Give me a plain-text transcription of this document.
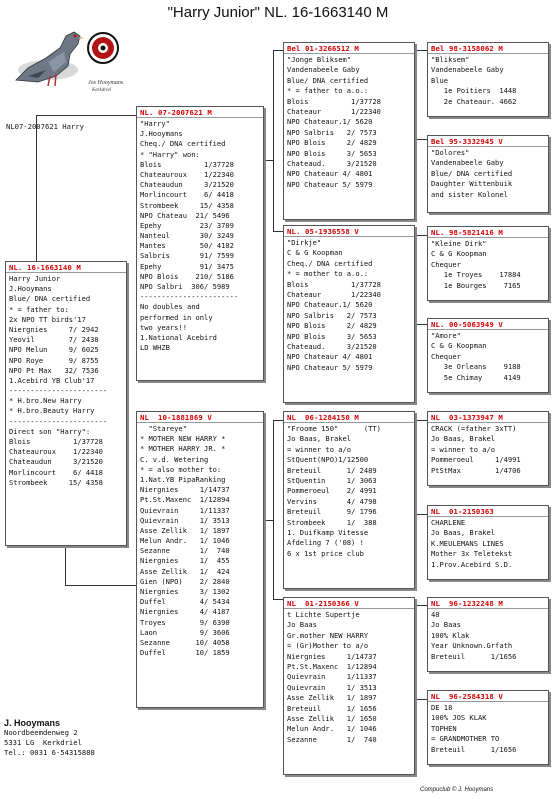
"Harry Junior" NL. 16-1663140 M
Jos Hooymans
Kerkdriel
NL07-2007621 Harry
NL. 16-1663140 M
Harry Junior
J.Hooymans
Blue/ DNA certified
* = father to:
2x NPO TT birds'17
Niergnies     7/ 2942
Yeovil        7/ 2438
NPO Melun     9/ 6025
NPO Roye      9/ 8755
NPO Pt Max   32/ 7536
1.Acebird YB Club'17
-----------------------
* H.bro.New Harry
* H.bro.Beauty Harry
-----------------------
Direct son "Harry":
Blois          1/37728
Chateauroux    1/22340
Chateaudun     3/21520
Morlincourt    6/ 4418
Strombeek     15/ 4358
NL. 07-2007621 M
"Harry"
J.Hooymans
Cheq./ DNA certified
* "Harry" won:
Blois          1/37728
Chateauroux    1/22340
Chateaudun     3/21520
Morlincourt    6/ 4418
Strombeek     15/ 4358
NPO Chateau  21/ 5496
Epehy         23/ 3709
Nanteul       30/ 3249
Mantes        50/ 4182
Salbris       91/ 7599
Epehy         91/ 3475
NPO Blois    210/ 5186
NPO Salbri  306/ 5989
-----------------------
No doubles and
performed in only
two years!!
1.National Acebird
LD WHZB
NL  10-1881869 V
"Stareye"
* MOTHER NEW HARRY *
* MOTHER HARRY JR. *
C. v.d. Wetering
* = also mother to:
1.Nat.YB PipaRanking
Niergnies     1/14737
Pt.St.Maxenc  1/12894
Quievrain     1/11337
Quievrain     1/ 3513
Asse Zellik   1/ 1897
Melun Andr.   1/ 1046
Sezanne       1/  740
Niergnies     1/  455
Asse Zellik   1/  424
Gien (NPO)    2/ 2840
Niergnies     3/ 1302
Duffel        4/ 5434
Niergnies     4/ 4187
Troyes        9/ 6390
Laon          9/ 3606
Sezanne      10/ 4058
Duffel       10/ 1859
Bel 01-3266512 M
"Jonge Bliksem"
Vandenabeele Gaby
Blue/ DNA certified
* = father to a.o.:
Blois          1/37728
Chateaur       1/22340
NPO Chateaur.1/ 5620
NPO Salbris   2/ 7573
NPO Blois     2/ 4829
NPO Blois     3/ 5653
Chateaud.     3/21520
NPO Chateaur 4/ 4801
NPO Chateaur 5/ 5979
NL. 05-1936558 V
"Dirkje"
C & G Koopman
Cheq./ DNA certified
* = mother to a.o.:
Blois          1/37728
Chateaur       1/22340
NPO Chateaur.1/ 5620
NPO Salbris   2/ 7573
NPO Blois     2/ 4829
NPO Blois     3/ 5653
Chateaud.     3/21520
NPO Chateaur 4/ 4801
NPO Chateaur 5/ 5979
NL  06-1284150 M
"Froome 150"      (TT)
Jo Baas, Brakel
= winner to a/o
StQuent(NPO)1/12500
Breteuil      1/ 2489
StQuentin     1/ 3063
Pommeroeul    2/ 4991
Vervins       4/ 4798
Breteuil      9/ 1796
Strombeek     1/  388
1. Duifkamp Vitesse
Afdeling 7 ('08) !
6 x 1st price club
NL  01-2150366 V
t Lichte Supertje
Jo Baas
Gr.mother NEW HARRY
= (Gr)Mother to a/o
Niergnies     1/14737
Pt.St.Maxenc  1/12894
Quievrain     1/11337
Quievrain     1/ 3513
Asse Zellik   1/ 1897
Breteuil      1/ 1656
Asse Zellik   1/ 1650
Melun Andr.   1/ 1046
Sezanne       1/  740
Bel 98-3158062 M
"Bliksem"
Vandenabeele Gaby
Blue
1e Poitiers  1448
2e Chateaur. 4662
Bel 95-3332945 V
"Dolores"
Vandenabeele Gaby
Blue/ DNA certified
Daughter Wittenbuik
and sister Kolonel
NL. 98-5821416 M
"Kleine Dirk"
C & G Koopman
Chequer
1e Troyes    17884
1e Bourges    7165
NL. 00-5063949 V
"Amore"
C & G Koopman
Chequer
3e Orleans    9188
5e Chimay     4149
NL  03-1373947 M
CRACK (=father 3xTT)
Jo Baas, Brakel
= winner to a/o
Pommeroeul     1/4991
PtStMax        1/4706
NL  01-2150363
CHARLENE
Jo Baas, Brakel
K.MEULEMANS LINES
Mother 3x Teletekst
1.Prov.Acebird S.D.
NL  96-1232248 M
48
Jo Baas
100% Klak
Year Unknown.Grfath
Breteuil      1/1656
NL  96-2584318 V
DE 18
100% JOS KLAK
TOPHEN
= GRANDMOTHER TO
Breteuil      1/1656
J. Hooymans
Noordbeemdenweg 2
5331 LG  Kerkdriel
Tel.: 0031 6-54315888
Compuclub © J. Hooymans
